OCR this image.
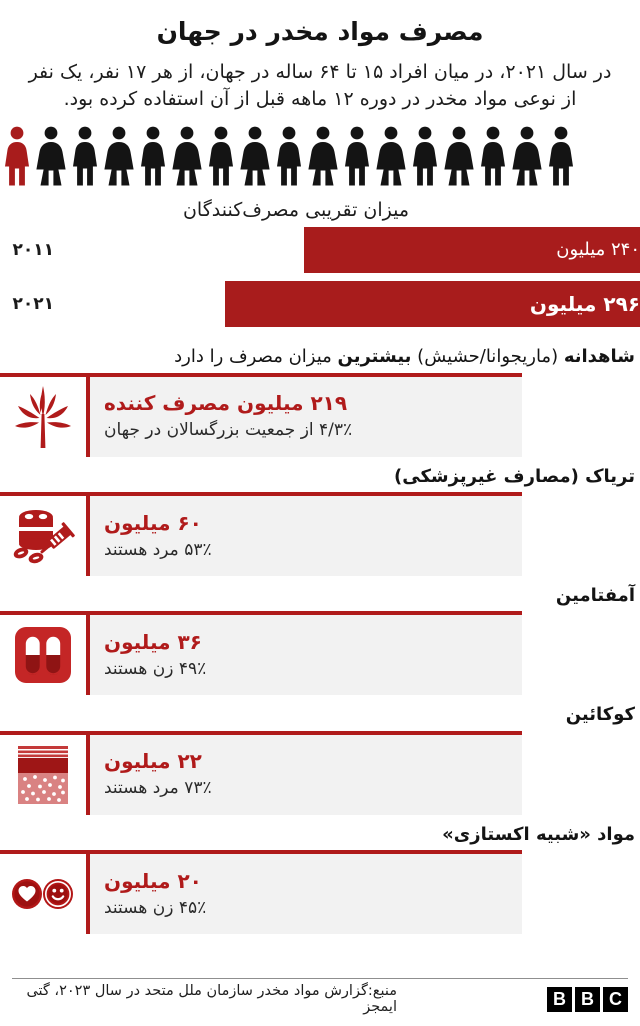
مصرف مواد مخدر در جهان

در سال ۲۰۲۱، در میان افراد ۱۵ تا ۶۴ ساله در جهان، از هر ۱۷ نفر، یک نفر از نوعی مواد مخدر در دوره ۱۲ ماهه قبل از آن استفاده کرده بود.

میزان تقریبی مصرف‌کنندگان
۲۰۱۱	۲۴۰ میلیون
۲۰۲۱	۲۹۶ میلیون
شاهدانه (ماریجوانا/حشیش) بیشترین میزان مصرف را دارد
۲۱۹ میلیون مصرف کننده
۴/۳٪ از جمعیت بزرگسالان در جهان
تریاک (مصارف غیرپزشکی)
۶۰ میلیون
۵۳٪ مرد هستند
آمفتامین
۳۶ میلیون
۴۹٪ زن هستند
کوکائین
۲۲ میلیون
۷۳٪ مرد هستند
مواد «شبیه اکستازی»
۲۰ میلیون
۴۵٪ زن هستند
منبع:گزارش مواد مخدر سازمان ملل متحد در سال ۲۰۲۳، گتی ایمجز	B B C
